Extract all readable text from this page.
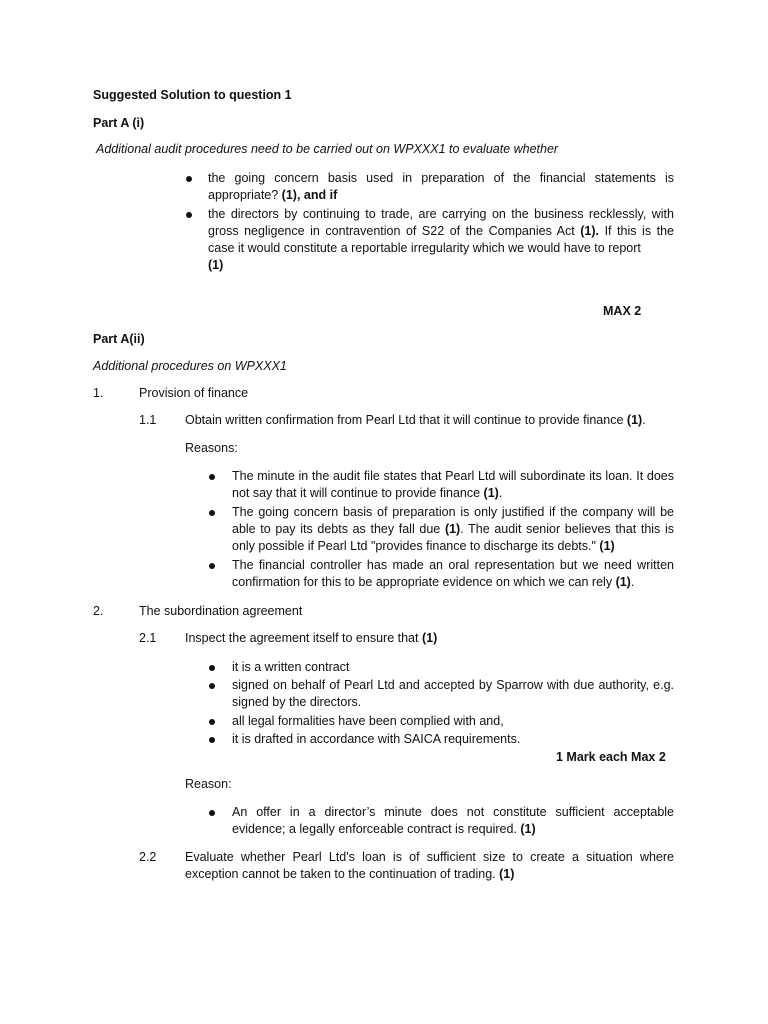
Suggested Solution to question 1
Part A (i)
Additional audit procedures need to be carried out on WPXXX1 to evaluate whether
the going concern basis used in preparation of the financial statements is appropriate? (1), and if
the directors by continuing to trade, are carrying on the business recklessly, with gross negligence in contravention of S22 of the Companies Act (1). If this is the case it would constitute a reportable irregularity which we would have to report
(1)
MAX 2
Part A(ii)
Additional procedures on WPXXX1
1.	Provision of finance
1.1 Obtain written confirmation from Pearl Ltd that it will continue to provide finance (1).
Reasons:
The minute in the audit file states that Pearl Ltd will subordinate its loan. It does not say that it will continue to provide finance (1).
The going concern basis of preparation is only justified if the company will be able to pay its debts as they fall due (1). The audit senior believes that this is only possible if Pearl Ltd "provides finance to discharge its debts." (1)
The financial controller has made an oral representation but we need written confirmation for this to be appropriate evidence on which we can rely (1).
2.	The subordination agreement
2.1 Inspect the agreement itself to ensure that (1)
it is a written contract
signed on behalf of Pearl Ltd and accepted by Sparrow with due authority, e.g. signed by the directors.
all legal formalities have been complied with and,
it is drafted in accordance with SAICA requirements.
1 Mark each Max 2
Reason:
An offer in a director’s minute does not constitute sufficient acceptable evidence; a legally enforceable contract is required. (1)
2.2 Evaluate whether Pearl Ltd's loan is of sufficient size to create a situation where exception cannot be taken to the continuation of trading. (1)
